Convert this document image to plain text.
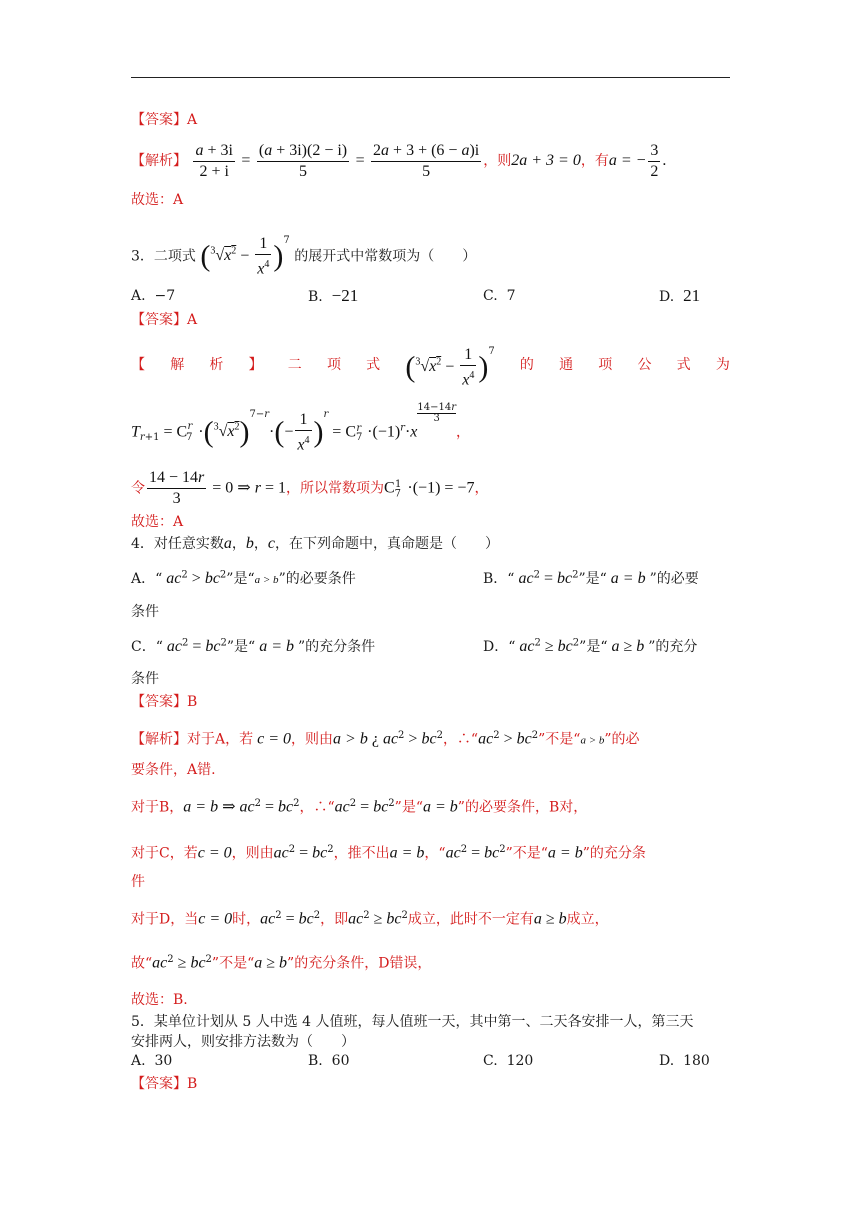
【答案】A
【解析】 $\frac{a + 3i}{2 + i} = \frac{(a + 3i)(2 - i)}{5} = \frac{2a + 3 + (6 - a)i}{5}$ ，则2a + 3 = 0，有a = − $\frac{3}{2}$ .
故选：A
3．二项式 $(^3√x^2 - \frac{1}{x^4} )^7$ 的展开式中常数项为（　　）
A. −7	B. −21	C. 7	D. 21
【答案】A
【 解 析 】 二 项 式 $(^3√x^2 - \frac{1}{x^4} )^7$
的 通 项 公 式 为
$T_{r+1} = C_7^r \cdot(^3√x^2)^{7-r}\cdot(- \frac{1}{x^4} )^r = C_7^r \cdot(-1)^r\cdot x$
$^{\frac{14-14r}{3}}$
，
令 $\frac{14 - 14r}{3} = 0$ ⇒ r = 1，所以常数项为$C_7^1 \cdot(-1) = -7$，
故选：A
4．对任意实数a，b，c，在下列命题中，真命题是（　　）
A．“ $ac^2 > bc^2$”是“a > b”的必要条件	B．“ $ac^2 = bc^2$”是“ a = b ”的必要
条件
C．“ $ac^2 = bc^2$”是“ a = b ”的充分条件	D．“ $ac^2 \ge bc^2$”是“ a ≥ b ”的充分
条件
【答案】B
【解析】对于A，若 c = 0，则由a > b ¿ $ac^2 > bc^2$，$\therefore“ac^2 > bc^2$”不是“a > b”的必
要条件，A错.
对于B，a = b ⇒ $ac^2 = bc^2$，$\therefore“ac^2 = bc^2$”是“a = b”的必要条件，B对，
对于C，若c = 0，则由$ac^2 = bc^2$，推不出a = b，“$ac^2 = bc^2$”不是“a = b”的充分条
件
对于D，当c = 0时，$ac^2 = bc^2$，即$ac^2 \ge bc^2$成立，此时不一定有a ≥ b成立，
故“$ac^2 \ge bc^2$”不是“a ≥ b”的充分条件，D错误，
故选：B.
5．某单位计划从 5 人中选 4 人值班，每人值班一天，其中第一、二天各安排一人，第三天
安排两人，则安排方法数为（　　）
A. 30	B. 60	C. 120	D. 180
【答案】B
